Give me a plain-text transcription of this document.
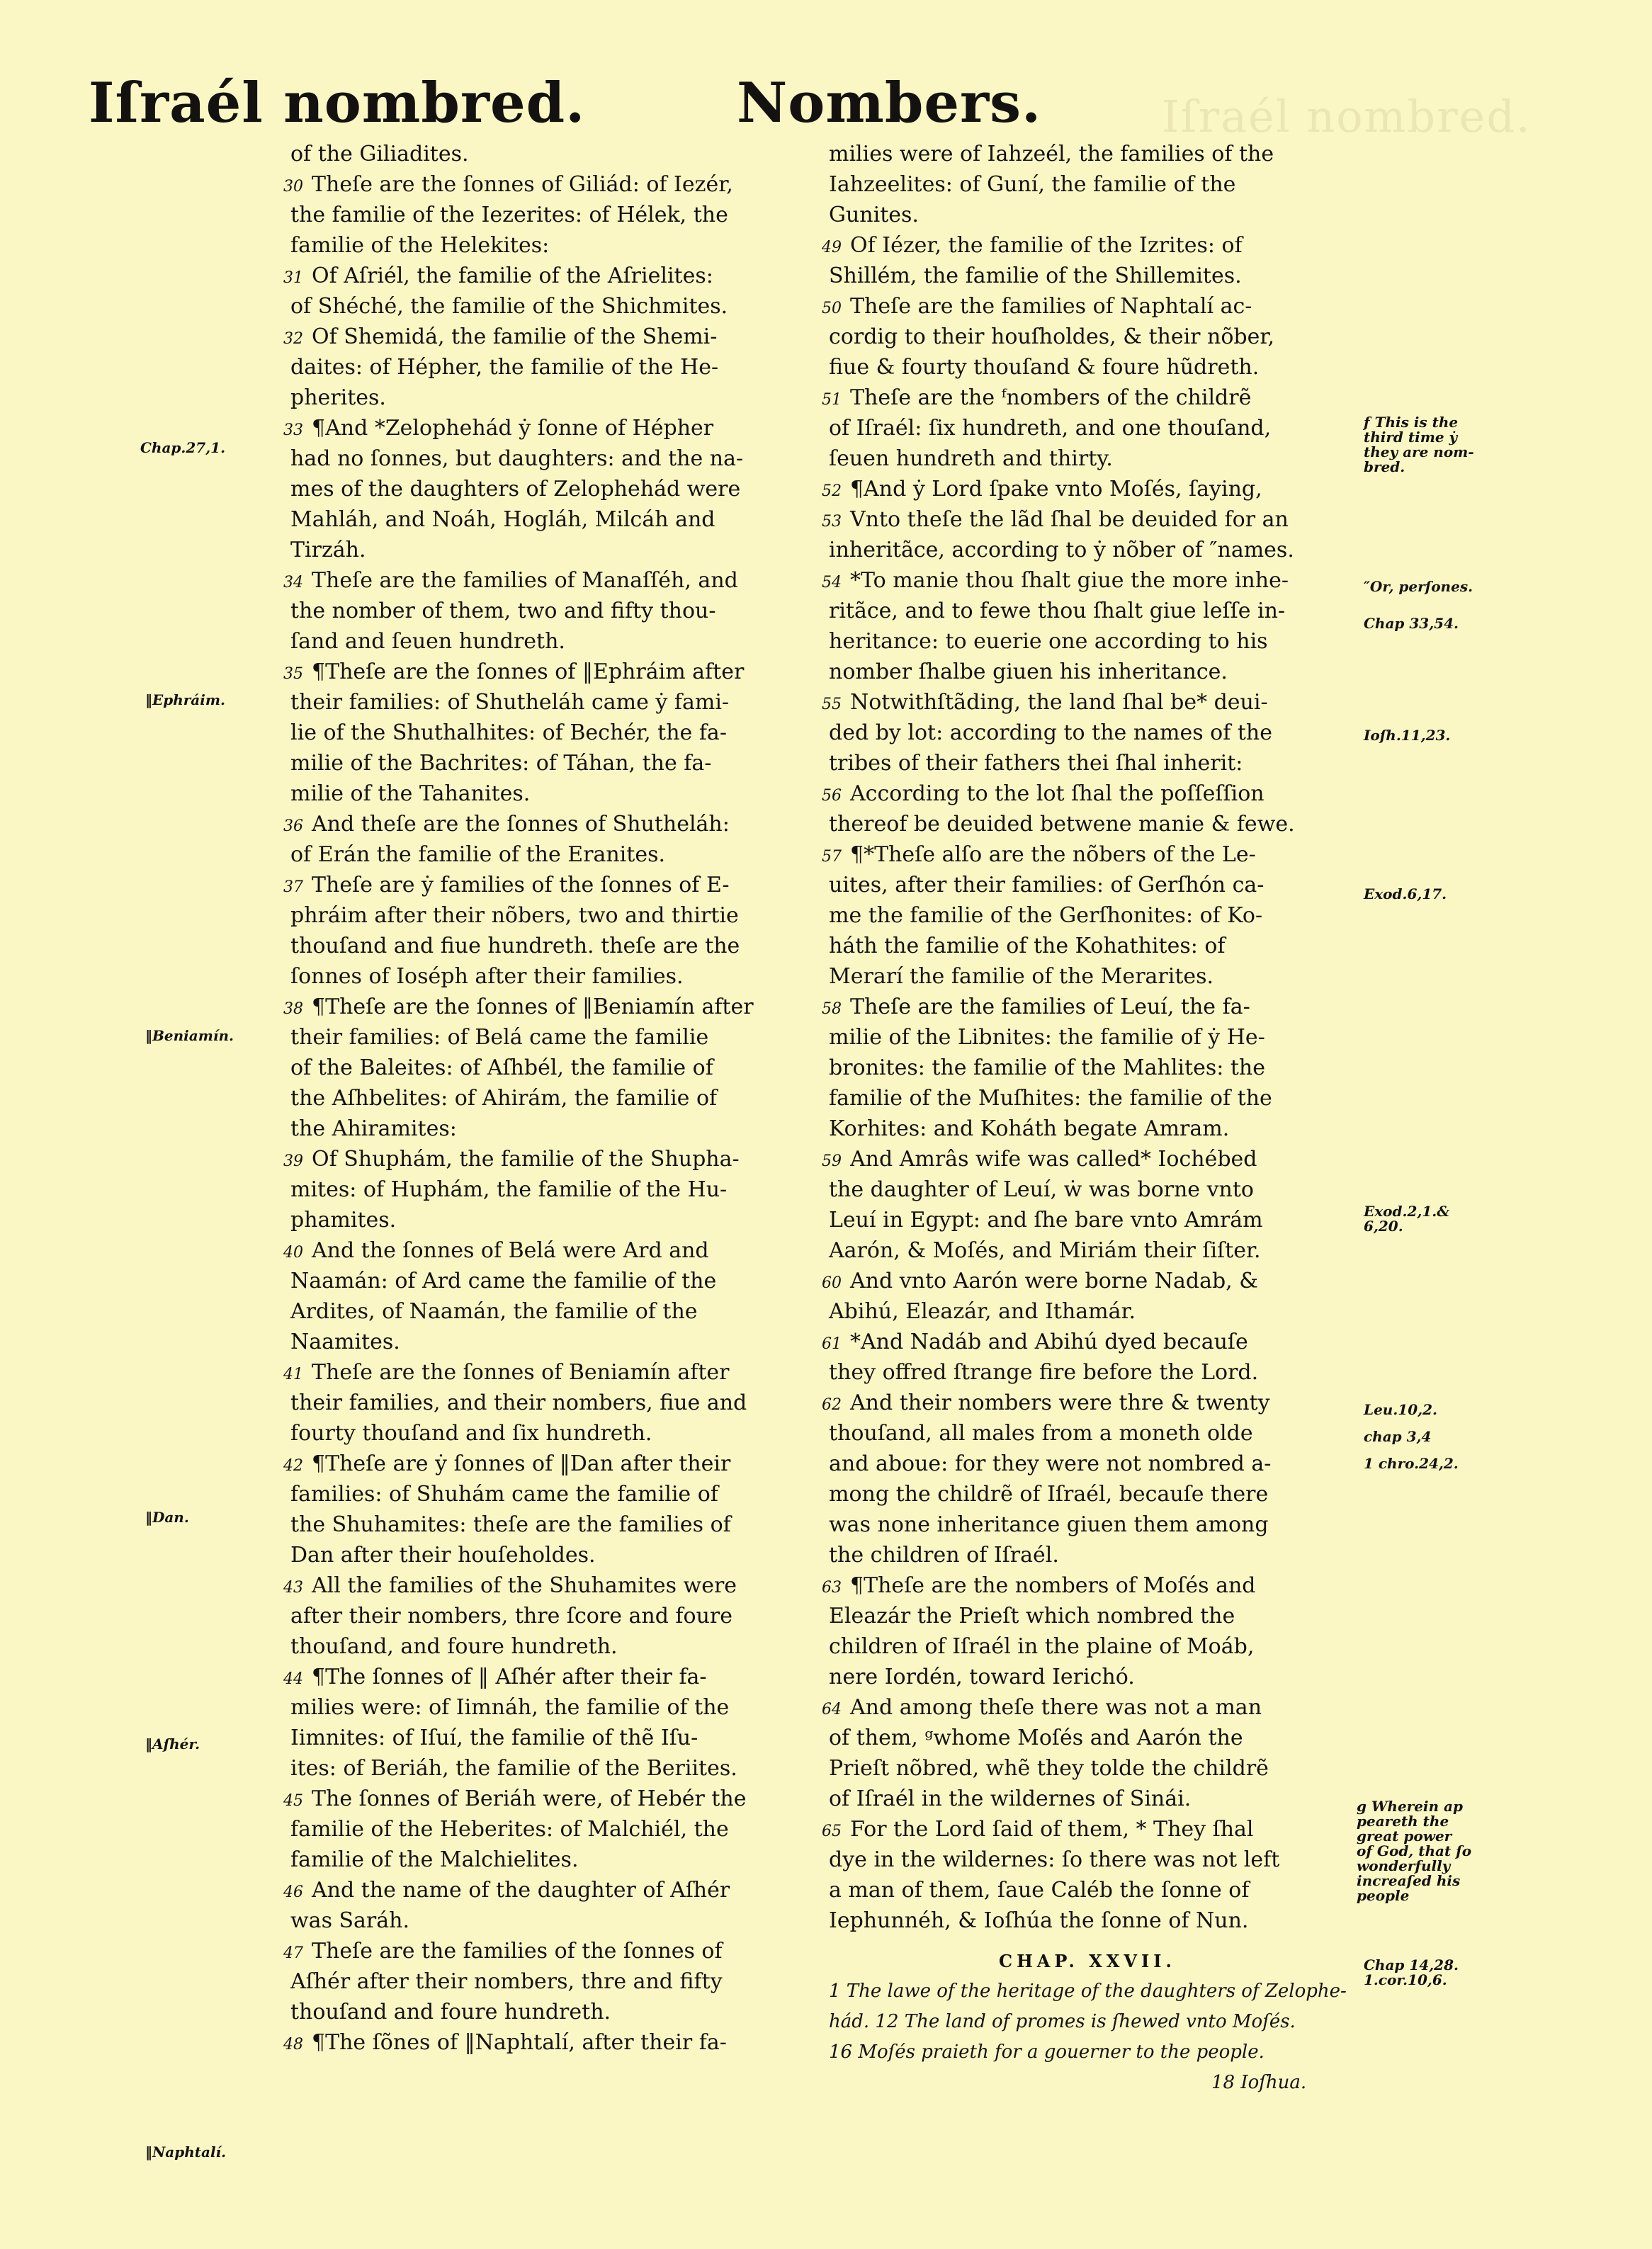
Iſraél nombred.
Iſraél nombred.	Nombers.
of the Giliadites.
30 Theſe are the ſonnes of Giliád: of Iezér,
the familie of the Iezerites: of Hélek, the
familie of the Helekites:
31 Of Aſriél, the familie of the Aſrielites:
of Shéché, the familie of the Shichmites.
32 Of Shemidá, the familie of the Shemi-
daites: of Hépher, the familie of the He-
pherites.
33 ¶And *Zelophehád ẏ ſonne of Hépher
had no ſonnes, but daughters: and the na-
mes of the daughters of Zelophehád were
Mahláh, and Noáh, Hogláh, Milcáh and
Tirzáh.
34 Theſe are the families of Manaſſéh, and
the nomber of them, two and fifty thou-
ſand and ſeuen hundreth.
35 ¶Theſe are the ſonnes of ‖Ephráim after
their families: of Shutheláh came ẏ fami-
lie of the Shuthalhites: of Bechér, the fa-
milie of the Bachrites: of Táhan, the fa-
milie of the Tahanites.
36 And theſe are the ſonnes of Shutheláh:
of Erán the familie of the Eranites.
37 Theſe are ẏ families of the ſonnes of E-
phráim after their nõbers, two and thirtie
thouſand and fiue hundreth. theſe are the
ſonnes of Ioséph after their families.
38 ¶Theſe are the ſonnes of ‖Beniamín after
their families: of Belá came the familie
of the Baleites: of Aſhbél, the familie of
the Aſhbelites: of Ahirám, the familie of
the Ahiramites:
39 Of Shuphám, the familie of the Shupha-
mites: of Huphám, the familie of the Hu-
phamites.
40 And the ſonnes of Belá were Ard and
Naamán: of Ard came the familie of the
Ardites, of Naamán, the familie of the
Naamites.
41 Theſe are the ſonnes of Beniamín after
their families, and their nombers, fiue and
fourty thouſand and ſix hundreth.
42 ¶Theſe are ẏ ſonnes of ‖Dan after their
families: of Shuhám came the familie of
the Shuhamites: theſe are the families of
Dan after their houſeholdes.
43 All the families of the Shuhamites were
after their nombers, thre ſcore and foure
thouſand, and foure hundreth.
44 ¶The ſonnes of ‖ Aſhér after their fa-
milies were: of Iimnáh, the familie of the
Iimnites: of Iſuí, the familie of thẽ Iſu-
ites: of Beriáh, the familie of the Beriites.
45 The ſonnes of Beriáh were, of Hebér the
familie of the Heberites: of Malchiél, the
familie of the Malchielites.
46 And the name of the daughter of Aſhér
was Saráh.
47 Theſe are the families of the ſonnes of
Aſhér after their nombers, thre and fifty
thouſand and foure hundreth.
48 ¶The ſõnes of ‖Naphtalí, after their fa-
milies were of Iahzeél, the families of the
Iahzeelites: of Guní, the familie of the
Gunites.
49 Of Iézer, the familie of the Izrites: of
Shillém, the familie of the Shillemites.
50 Theſe are the families of Naphtalí ac-
cordig to their houſholdes, & their nõber,
fiue & fourty thouſand & foure hũdreth.
51 Theſe are the ᶠnombers of the childrẽ
of Iſraél: ſix hundreth, and one thouſand,
ſeuen hundreth and thirty.
52 ¶And ẏ Lord ſpake vnto Moſés, ſaying,
53 Vnto theſe the lãd ſhal be deuided for an
inheritãce, according to ẏ nõber of ″names.
54 *To manie thou ſhalt giue the more inhe-
ritãce, and to fewe thou ſhalt giue leſſe in-
heritance: to euerie one according to his
nomber ſhalbe giuen his inheritance.
55 Notwithſtãding, the land ſhal be* deui-
ded by lot: according to the names of the
tribes of their fathers thei ſhal inherit:
56 According to the lot ſhal the poſſeſſion
thereof be deuided betwene manie & fewe.
57 ¶*Theſe alſo are the nõbers of the Le-
uites, after their families: of Gerſhón ca-
me the familie of the Gerſhonites: of Ko-
háth the familie of the Kohathites: of
Merarí the familie of the Merarites.
58 Theſe are the families of Leuí, the fa-
milie of the Libnites: the familie of ẏ He-
bronites: the familie of the Mahlites: the
familie of the Muſhites: the familie of the
Korhites: and Koháth begate Amram.
59 And Amrâs wife was called* Iochébed
the daughter of Leuí, ẇ was borne vnto
Leuí in Egypt: and ſhe bare vnto Amrám
Aarón, & Moſés, and Miriám their ſiſter.
60 And vnto Aarón were borne Nadab, &
Abihú, Eleazár, and Ithamár.
61 *And Nadáb and Abihú dyed becauſe
they offred ſtrange fire before the Lord.
62 And their nombers were thre & twenty
thouſand, all males from a moneth olde
and aboue: for they were not nombred a-
mong the childrẽ of Iſraél, becauſe there
was none inheritance giuen them among
the children of Iſraél.
63 ¶Theſe are the nombers of Moſés and
Eleazár the Prieſt which nombred the
children of Iſraél in the plaine of Moáb,
nere Iordén, toward Ierichó.
64 And among theſe there was not a man
of them, ᵍwhome Moſés and Aarón the
Prieſt nõbred, whẽ they tolde the childrẽ
of Iſraél in the wildernes of Sinái.
65 For the Lord ſaid of them, * They ſhal
dye in the wildernes: ſo there was not left
a man of them, ſaue Caléb the ſonne of
Iephunnéh, & Ioſhúa the ſonne of Nun.
CHAP. XXVII.
1 The lawe of the heritage of the daughters of Zelophe-
hád. 12 The land of promes is ſhewed vnto Moſés.
16 Moſés praieth for a gouerner to the people.
18 Ioſhua.
Chap.27,1.
‖Ephráim.
‖Beniamín.
‖Dan.
‖Aſhér.
‖Naphtalí.
f This is the
third time ẏ
they are nom-
bred.
″Or, perſones.
Chap 33,54.
Ioſh.11,23.
Exod.6,17.
Exod.2,1.&
6,20.
Leu.10,2.
chap 3,4
1 chro.24,2.
g Wherein ap
peareth the
great power
of God, that ſo
wonderfully
increaſed his
people
Chap 14,28.
1.cor.10,6.
